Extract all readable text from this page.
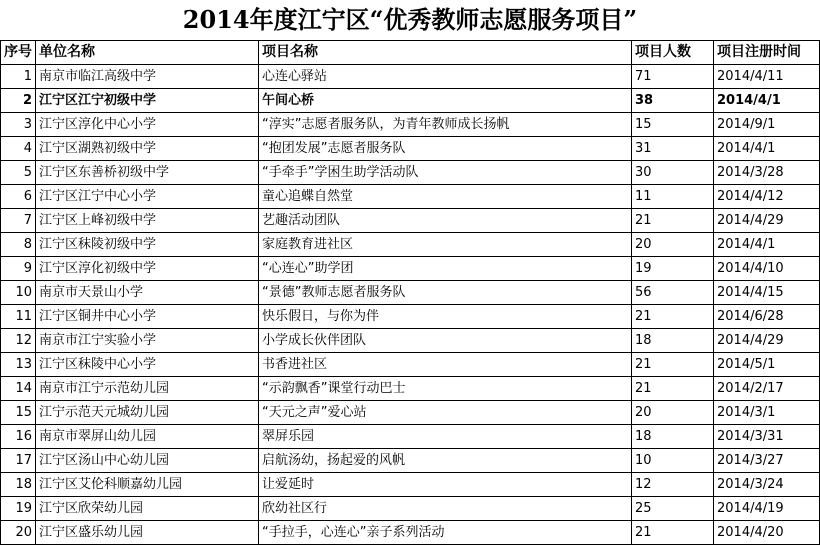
2014年度江宁区“优秀教师志愿服务项目”
序号	单位名称	项目名称	项目人数	项目注册时间
1	南京市临江高级中学	心连心驿站	71	2014/4/11
2	江宁区江宁初级中学	午间心桥	38	2014/4/1
3	江宁区淳化中心小学	“淳实”志愿者服务队，为青年教师成长扬帆	15	2014/9/1
4	江宁区湖熟初级中学	“抱团发展”志愿者服务队	31	2014/4/1
5	江宁区东善桥初级中学	“手牵手”学困生助学活动队	30	2014/3/28
6	江宁区江宁中心小学	童心追蝶自然堂	11	2014/4/12
7	江宁区上峰初级中学	艺趣活动团队	21	2014/4/29
8	江宁区秣陵初级中学	家庭教育进社区	20	2014/4/1
9	江宁区淳化初级中学	“心连心”助学团	19	2014/4/10
10	南京市天景山小学	“景德”教师志愿者服务队	56	2014/4/15
11	江宁区铜井中心小学	快乐假日，与你为伴	21	2014/6/28
12	南京市江宁实验小学	小学成长伙伴团队	18	2014/4/29
13	江宁区秣陵中心小学	书香进社区	21	2014/5/1
14	南京市江宁示范幼儿园	“示韵飘香”课堂行动巴士	21	2014/2/17
15	江宁示范天元城幼儿园	“天元之声”爱心站	20	2014/3/1
16	南京市翠屏山幼儿园	翠屏乐园	18	2014/3/31
17	江宁区汤山中心幼儿园	启航汤幼，扬起爱的风帆	10	2014/3/27
18	江宁区艾伦科顺嘉幼儿园	让爱延时	12	2014/3/24
19	江宁区欣荣幼儿园	欣幼社区行	25	2014/4/19
20	江宁区盛乐幼儿园	“手拉手，心连心”亲子系列活动	21	2014/4/20
